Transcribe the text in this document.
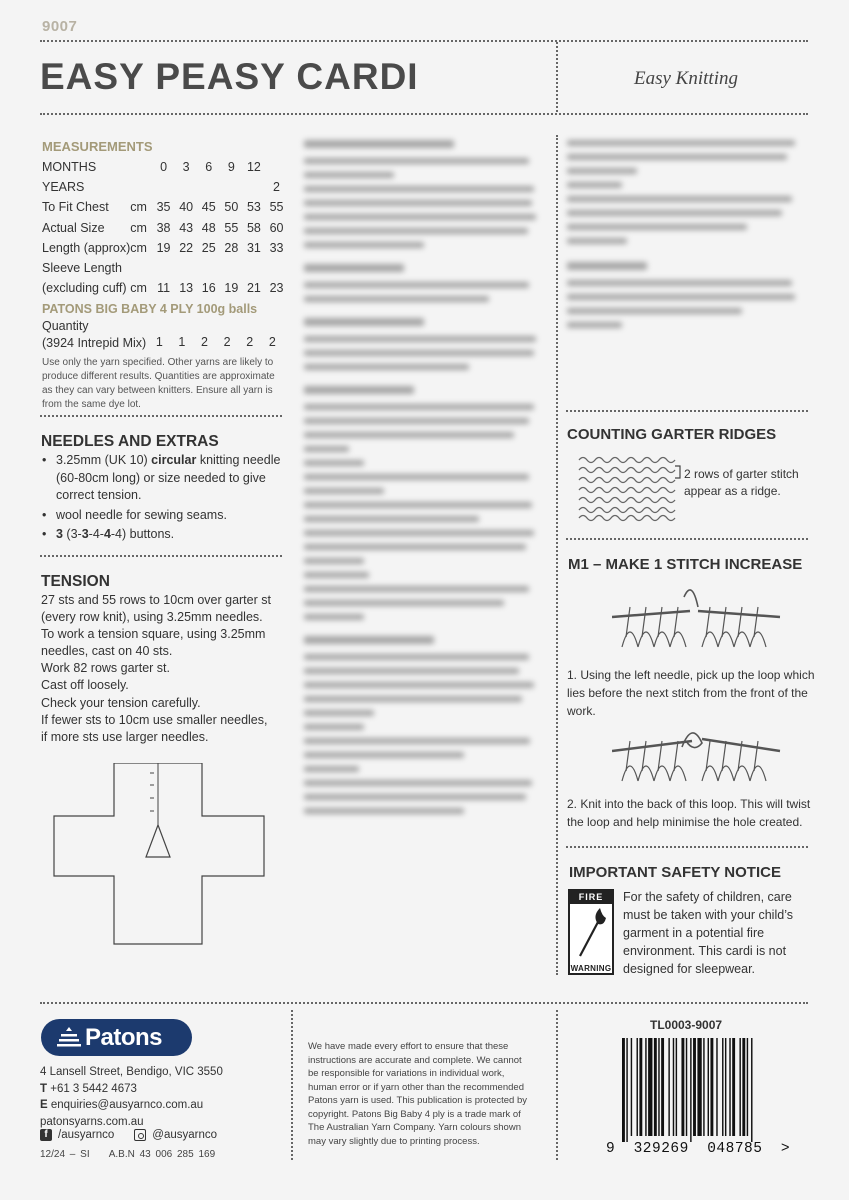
9007
EASY PEASY CARDI	Easy Knitting
MEASUREMENTS
MONTHS		0	3	6	9	12	
YEARS							2
To Fit Chest	cm	35	40	45	50	53	55
Actual Size	cm	38	43	48	55	58	60
Length (approx)	cm	19	22	25	28	31	33
Sleeve Length							
(excluding cuff)	cm	11	13	16	19	21	23
PATONS BIG BABY 4 PLY 100g balls
Quantity
(3924 Intrepid Mix) 1	1	2	2	2	2
Use only the yarn specified. Other yarns are likely to produce different results. Quantities are approximate as they can vary between knitters. Ensure all yarn is from the same dye lot.
NEEDLES AND EXTRAS
• 3.25mm (UK 10) circular knitting needle (60-80cm long) or size needed to give correct tension.
• wool needle for sewing seams.
• 3 (3-3-4-4-4) buttons.
TENSION
27 sts and 55 rows to 10cm over garter st
(every row knit), using 3.25mm needles.
To work a tension square, using 3.25mm
needles, cast on 40 sts.
Work 82 rows garter st.
Cast off loosely.
Check your tension carefully.
If fewer sts to 10cm use smaller needles,
if more sts use larger needles.
COUNTING GARTER RIDGES
2 rows of garter stitch appear as a ridge.
M1 – MAKE 1 STITCH INCREASE
1. Using the left needle, pick up the loop which lies before the next stitch from the front of the work.
2. Knit into the back of this loop. This will twist the loop and help minimise the hole created.
IMPORTANT SAFETY NOTICE
FIRE
WARNING
For the safety of children, care must be taken with your child’s garment in a potential fire environment. This cardi is not designed for sleepwear.
Patons
4 Lansell Street, Bendigo, VIC 3550
T +61 3 5442 4673
E enquiries@ausyarnco.com.au
patonsyarns.com.au
f /ausyarnco	@ausyarnco
12/24 – SI A.B.N 43 006 285 169
We have made every effort to ensure that these instructions are accurate and complete. We cannot be responsible for variations in individual work, human error or if yarn other than the recommended Patons yarn is used. This publication is protected by copyright. Patons Big Baby 4 ply is a trade mark of The Australian Yarn Company. Yarn colours shown may vary slightly due to printing process.
TL0003-9007
9  329269  048785  >
